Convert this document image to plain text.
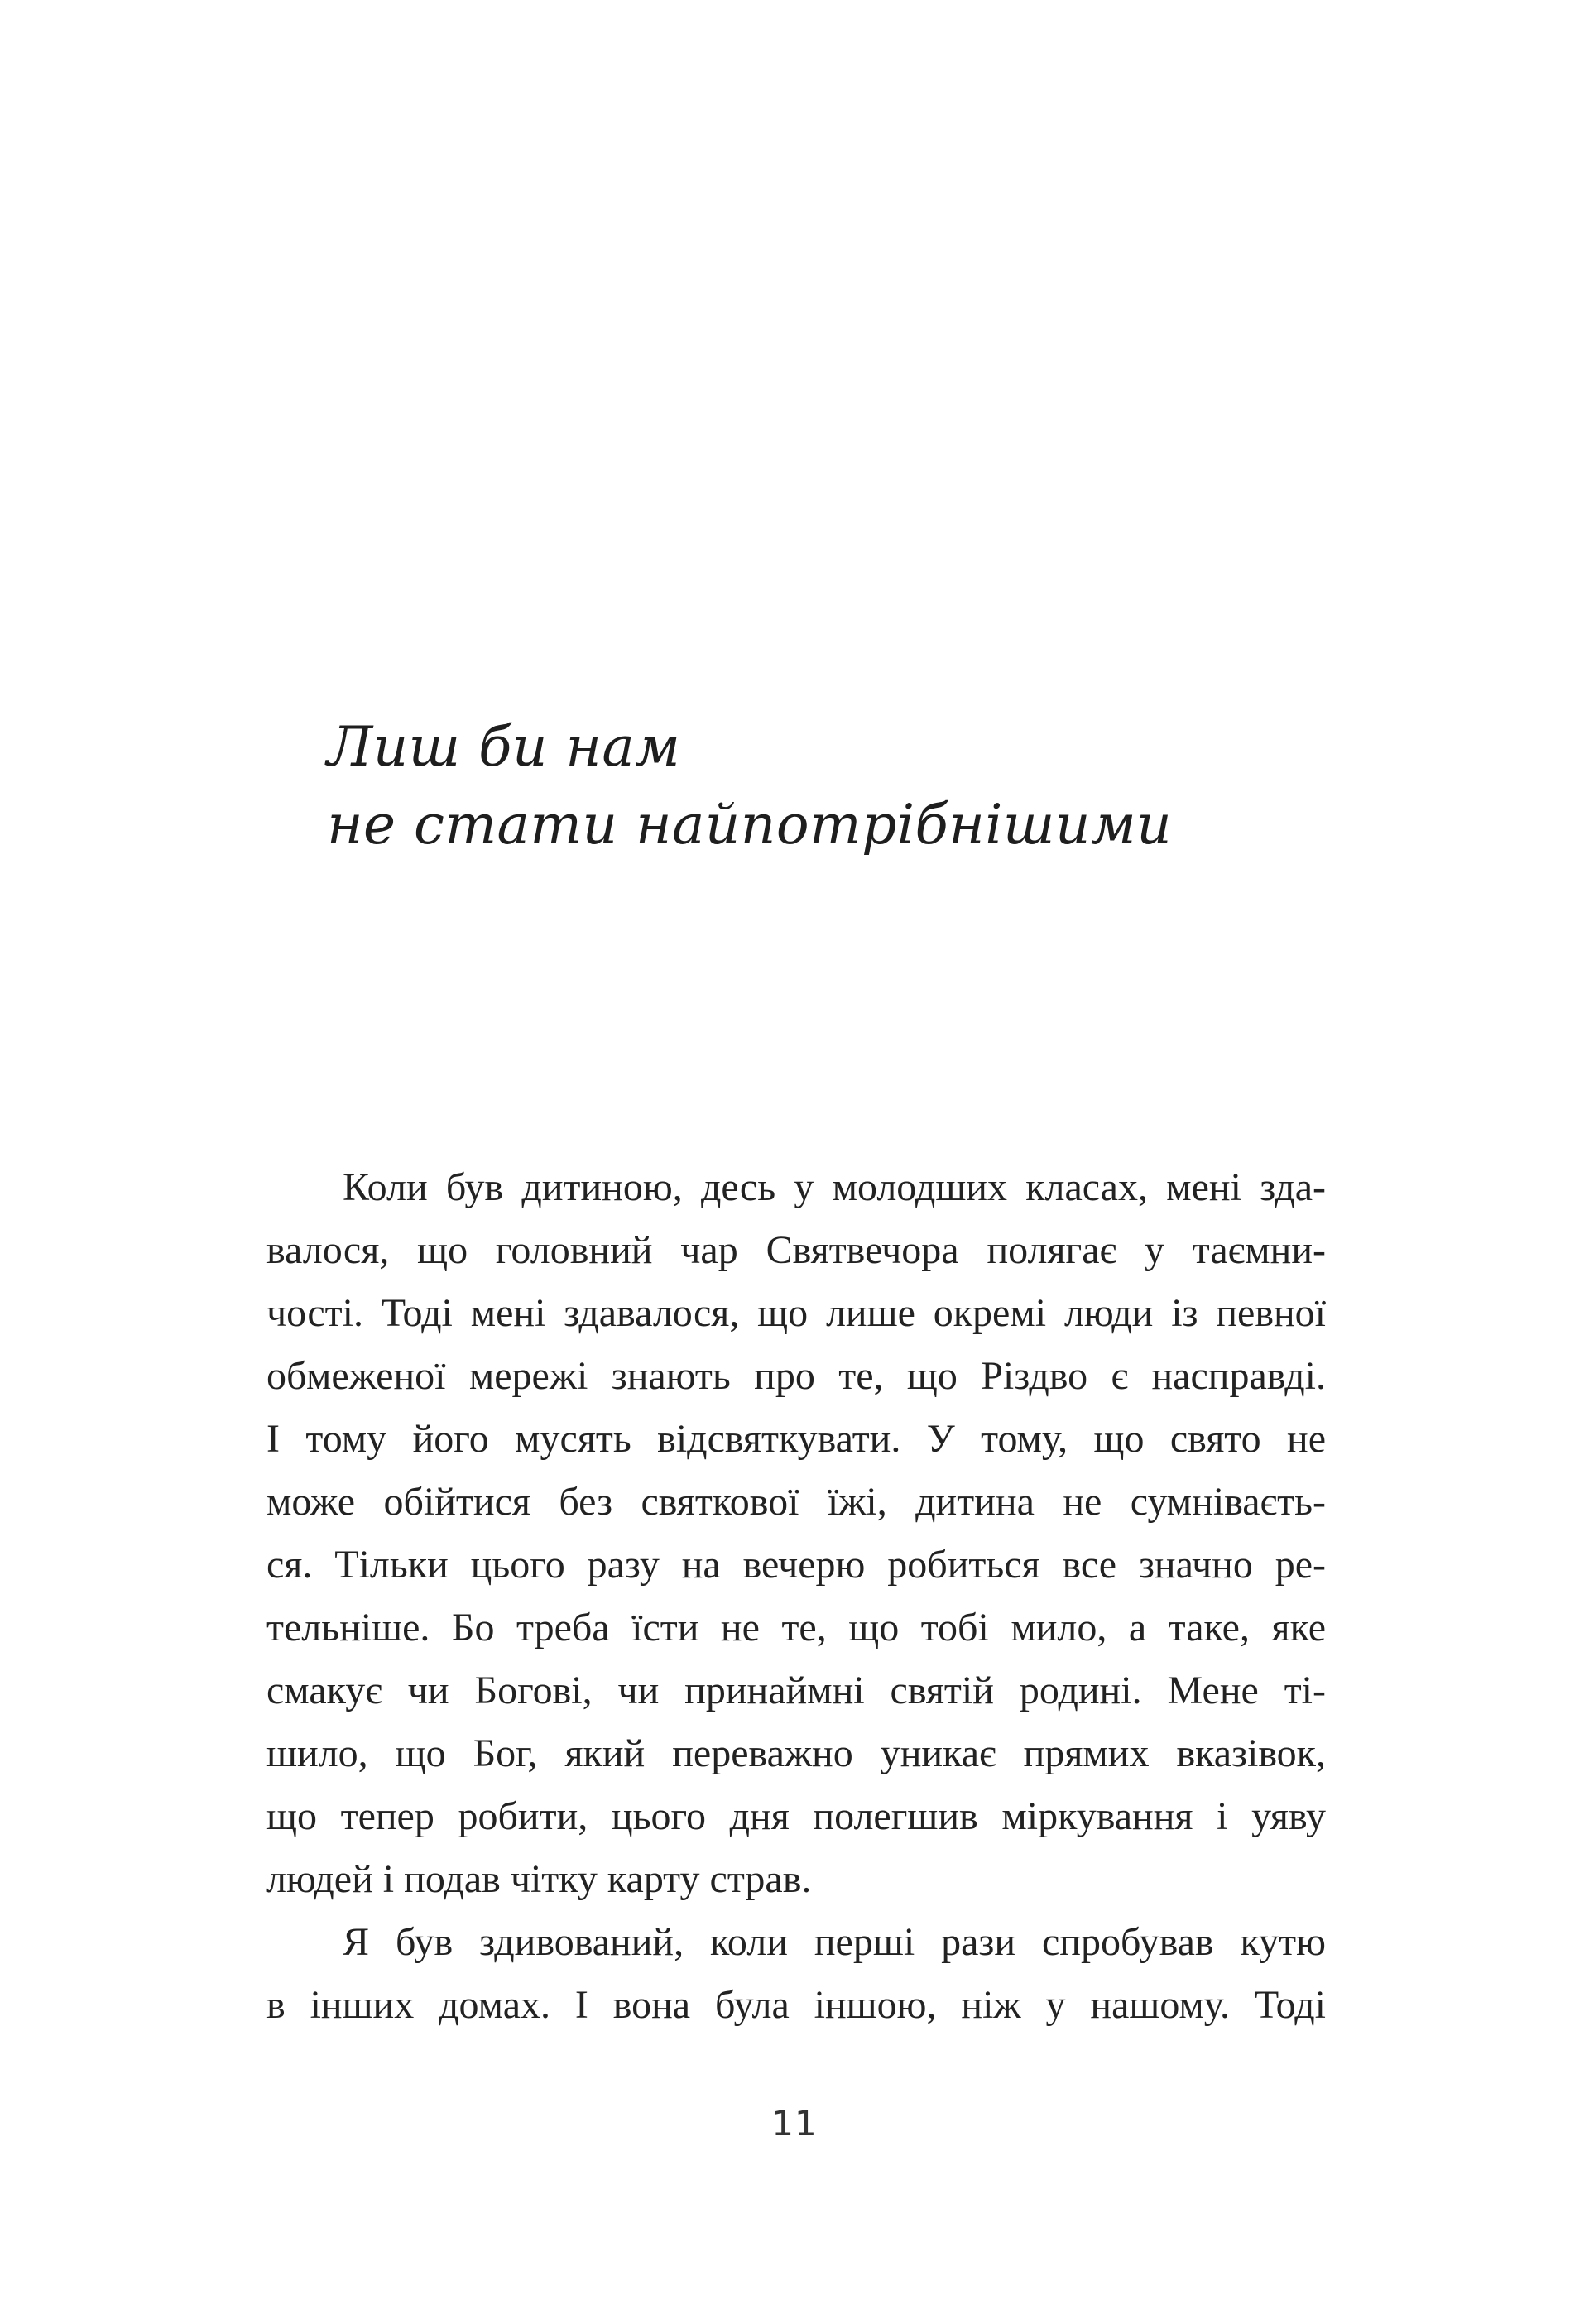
Лиш би нам
не стати найпотрібнішими

Коли був дитиною, десь у молодших класах, мені зда-
валося, що головний чар Святвечора полягає у таємни-
чості. Тоді мені здавалося, що лише окремі люди із певної
обмеженої мережі знають про те, що Різдво є насправді.
І тому його мусять відсвяткувати. У тому, що свято не
може обійтися без святкової їжі, дитина не сумніваєть-
ся. Тільки цього разу на вечерю робиться все значно ре-
тельніше. Бо треба їсти не те, що тобі мило, а таке, яке
смакує чи Богові, чи принаймні святій родині. Мене ті-
шило, що Бог, який переважно уникає прямих вказівок,
що тепер робити, цього дня полегшив міркування і уяву
людей і подав чітку карту страв.

Я був здивований, коли перші рази спробував кутю
в інших домах. І вона була іншою, ніж у нашому. Тоді

11
